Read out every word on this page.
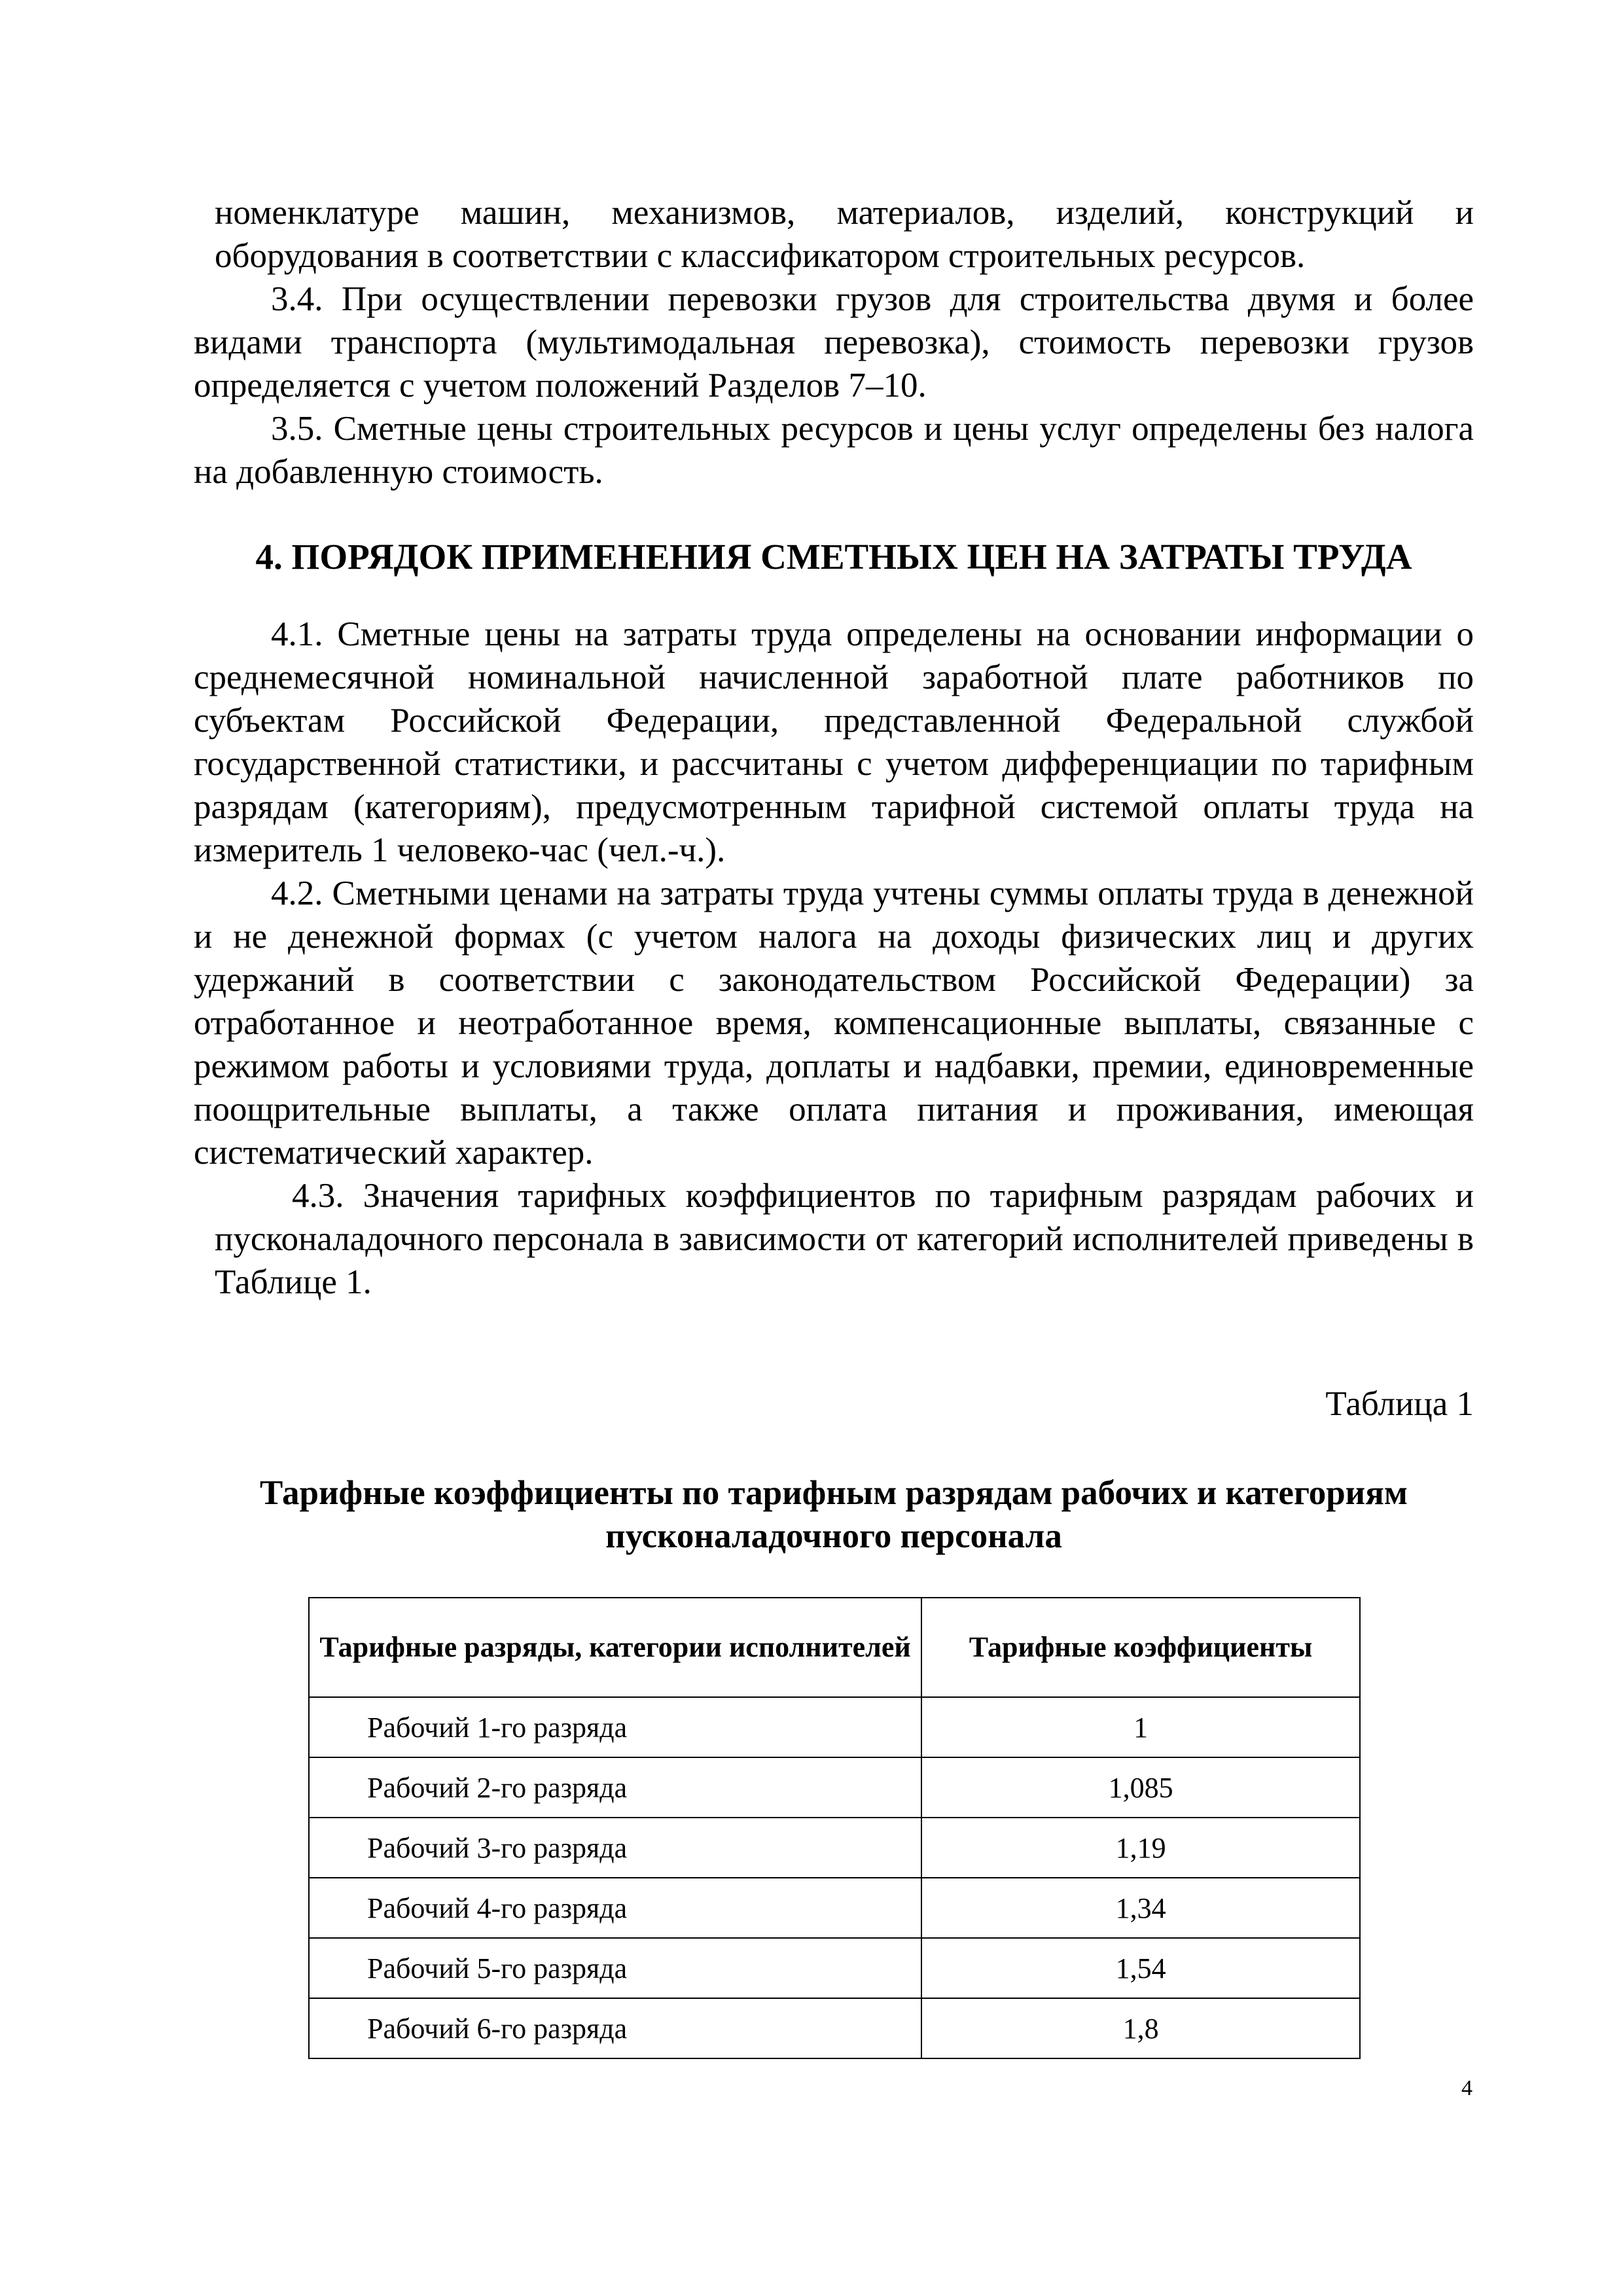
номенклатуре машин, механизмов, материалов, изделий, конструкций и оборудования в соответствии с классификатором строительных ресурсов.

3.4. При осуществлении перевозки грузов для строительства двумя и более видами транспорта (мультимодальная перевозка), стоимость перевозки грузов определяется с учетом положений Разделов 7–10.

3.5. Сметные цены строительных ресурсов и цены услуг определены без налога на добавленную стоимость.

4. ПОРЯДОК ПРИМЕНЕНИЯ СМЕТНЫХ ЦЕН НА ЗАТРАТЫ ТРУДА

4.1. Сметные цены на затраты труда определены на основании информации о среднемесячной номинальной начисленной заработной плате работников по субъектам Российской Федерации, представленной Федеральной службой государственной статистики, и рассчитаны с учетом дифференциации по тарифным разрядам (категориям), предусмотренным тарифной системой оплаты труда на измеритель 1 человеко-час (чел.-ч.).

4.2. Сметными ценами на затраты труда учтены суммы оплаты труда в денежной и не денежной формах (с учетом налога на доходы физических лиц и других удержаний в соответствии с законодательством Российской Федерации) за отработанное и неотработанное время, компенсационные выплаты, связанные с режимом работы и условиями труда, доплаты и надбавки, премии, единовременные поощрительные выплаты, а также оплата питания и проживания, имеющая систематический характер.

4.3. Значения тарифных коэффициентов по тарифным разрядам рабочих и пусконаладочного персонала в зависимости от категорий исполнителей приведены в Таблице 1.

Таблица 1

Тарифные коэффициенты по тарифным разрядам рабочих и категориям пусконаладочного персонала

Тарифные разряды, категории исполнителей	Тарифные коэффициенты
Рабочий 1-го разряда	1
Рабочий 2-го разряда	1,085
Рабочий 3-го разряда	1,19
Рабочий 4-го разряда	1,34
Рабочий 5-го разряда	1,54
Рабочий 6-го разряда	1,8
4
